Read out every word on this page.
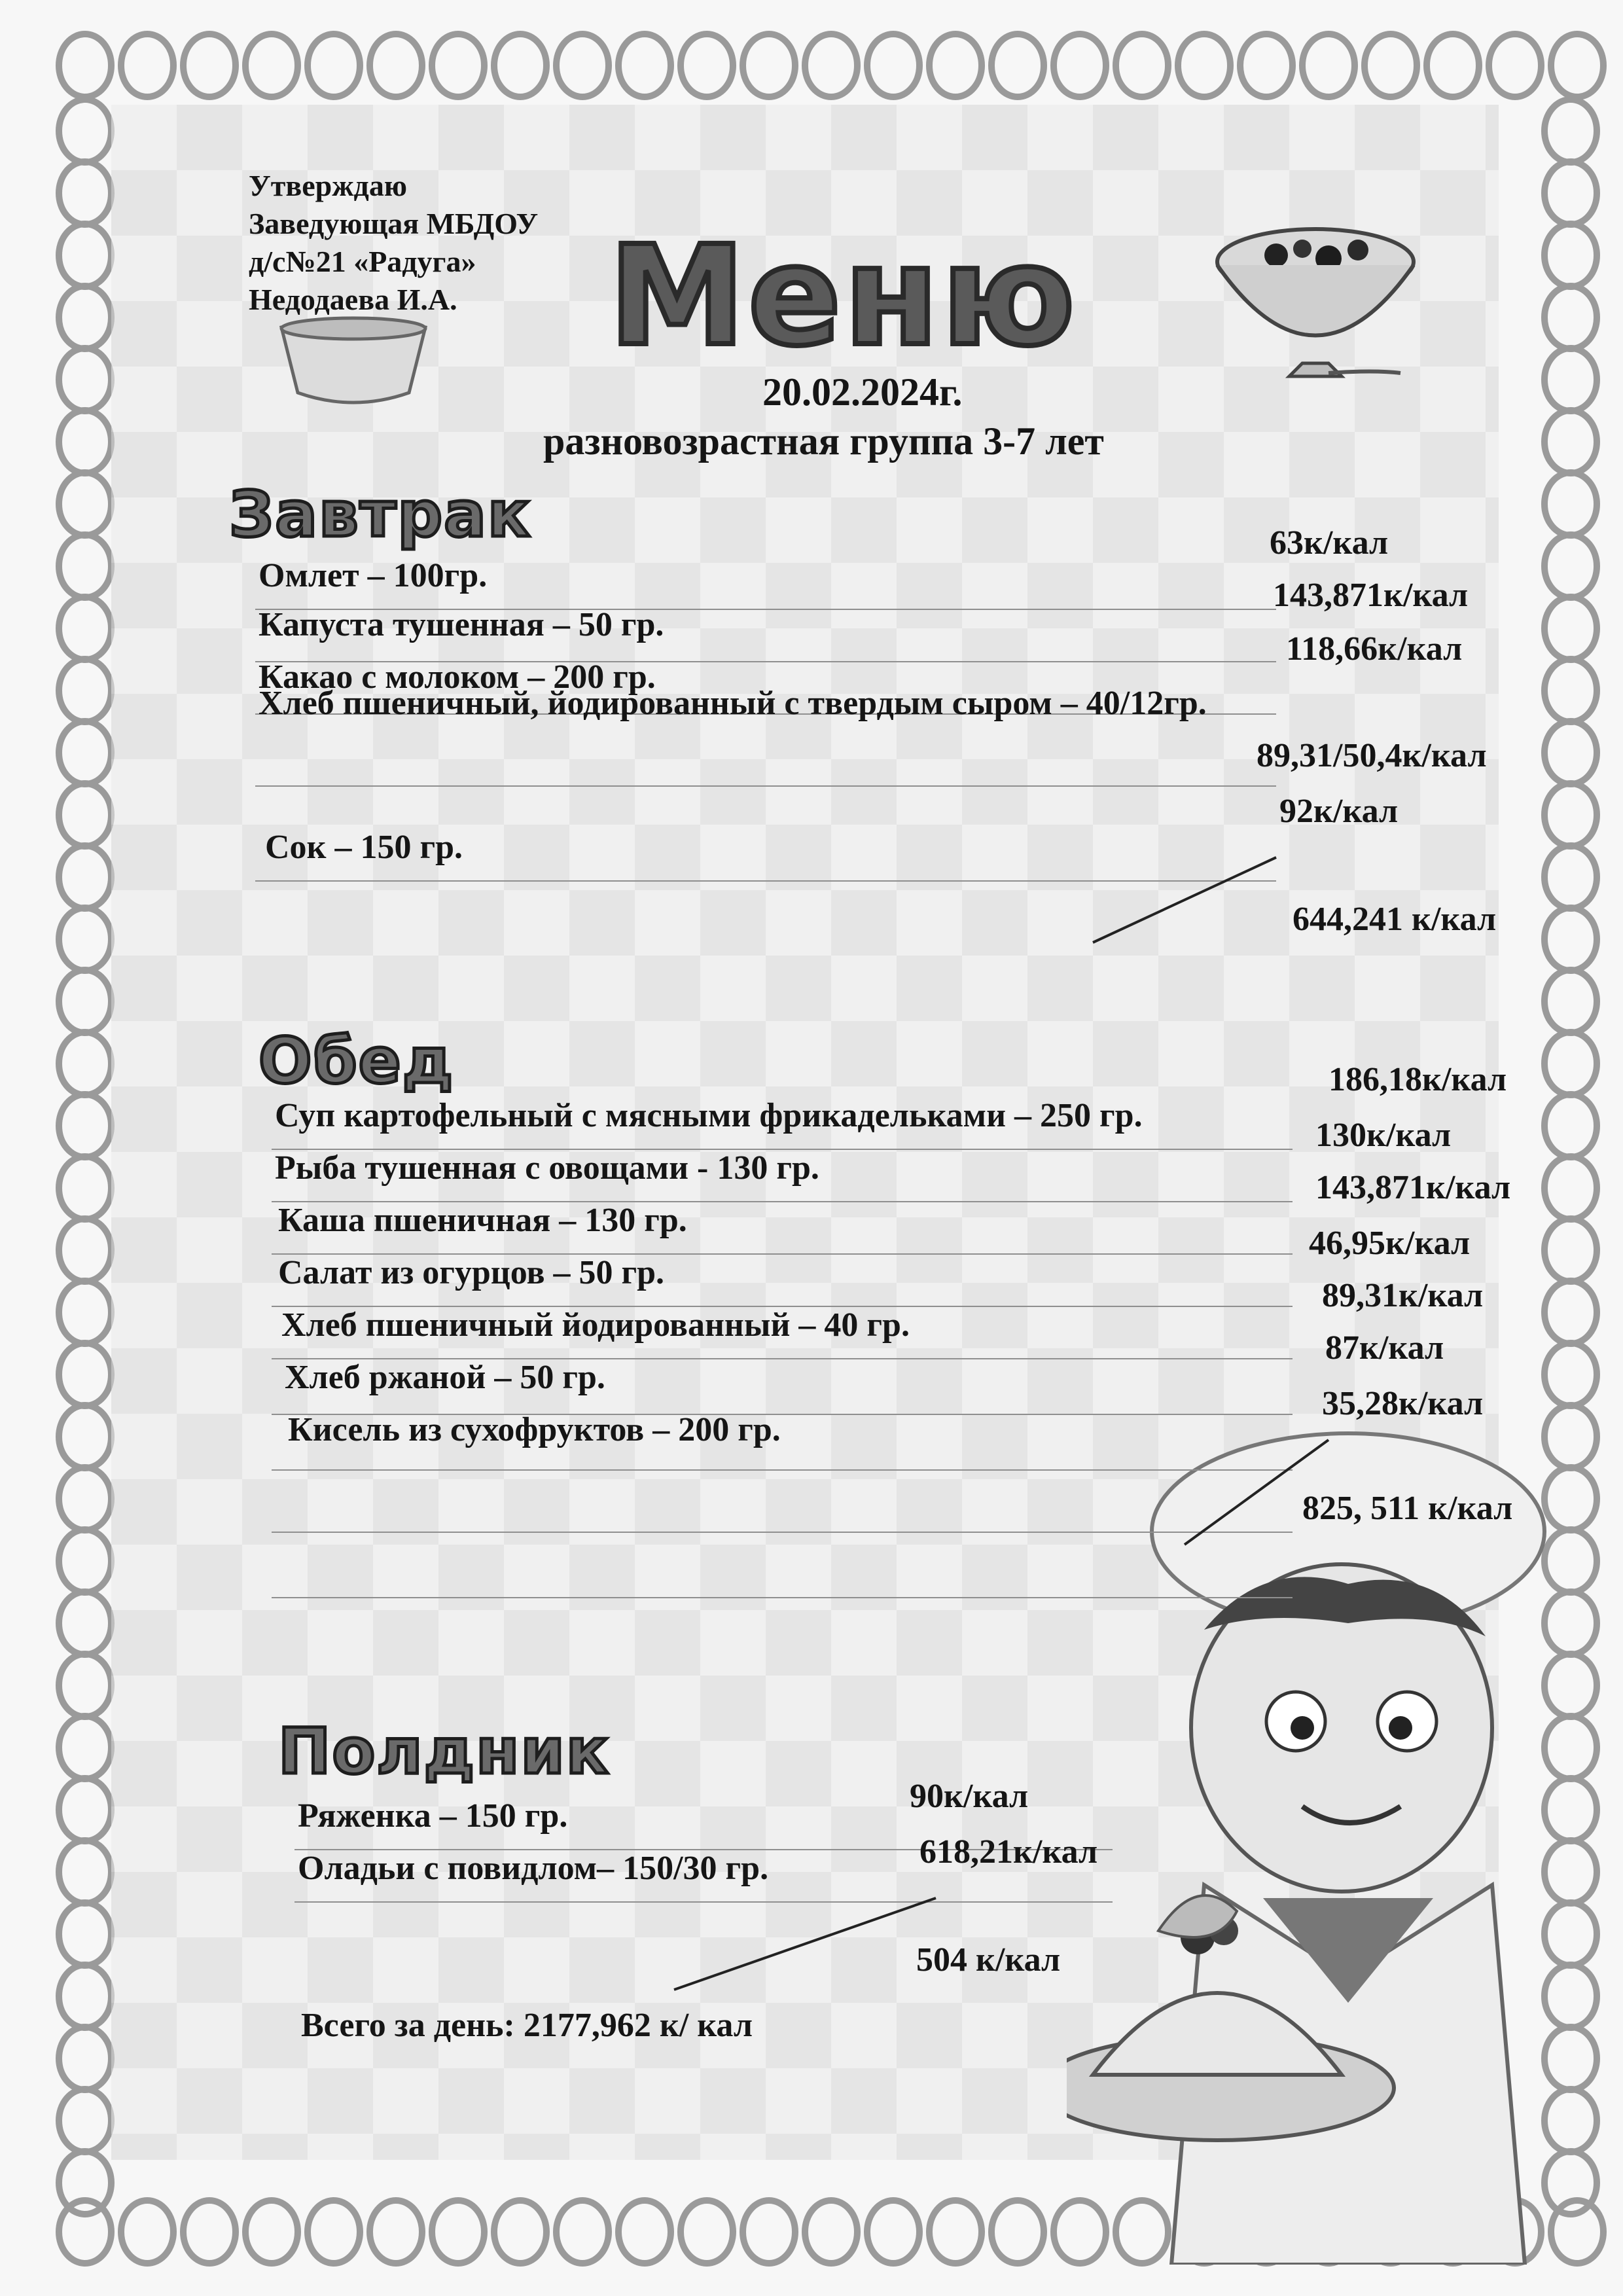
Утверждаю
Заведующая МБДОУ
д/с№21 «Радуга»
Недодаева И.А.	Меню
20.02.2024г.
разновозрастная группа 3-7 лет
Завтрак
Омлет – 100гр.
63к/кал
Капуста тушенная – 50 гр.
143,871к/кал
Какао с молоком – 200 гр.
118,66к/кал
Хлеб пшеничный, йодированный с твердым сыром – 40/12гр.
89,31/50,4к/кал
Сок – 150 гр.
92к/кал
644,241 к/кал
Обед
Суп картофельный с мясными фрикадельками – 250 гр.
186,18к/кал
Рыба тушенная с овощами - 130 гр.
130к/кал
Каша пшеничная – 130 гр.
143,871к/кал
Салат из огурцов – 50 гр.
46,95к/кал
Хлеб пшеничный йодированный – 40 гр.
89,31к/кал
Хлеб ржаной – 50 гр.
87к/кал
Кисель из сухофруктов – 200 гр.
35,28к/кал
825, 511 к/кал
Полдник
Ряженка – 150 гр.
90к/кал
Оладьи с повидлом– 150/30 гр.	618,21к/кал
504 к/кал
Всего за день: 2177,962 к/ кал
